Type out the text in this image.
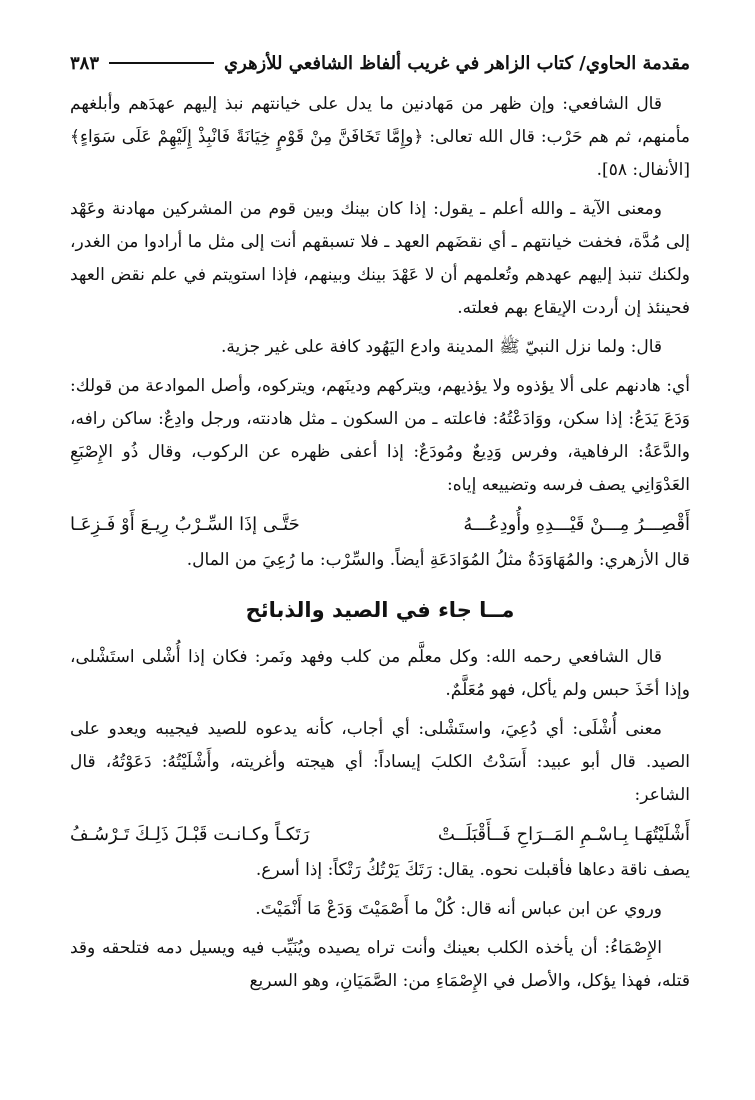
مقدمة الحاوي/ كتاب الزاهر في غريب ألفاظ الشافعي للأزهري
٣٨٣

قال الشافعي: وإن ظهر من مَهادنين ما يدل على خيانتهم نبذ إليهم عهدَهم وأبلغهم مأمنهم، ثم هم حَرْب: قال الله تعالى: ﴿وإِمَّا تَخَافَنَّ مِنْ قَوْمٍ خِيَانَةً فَانْبِذْ إِلَيْهِمْ عَلَى سَوَاءٍ﴾ [الأنفال: ٥٨].

ومعنى الآية ـ والله أعلم ـ يقول: إذا كان بينك وبين قوم من المشركين مهادنة وعَهْد إلى مُدَّة، فخفت خيانتهم ـ أي نقضَهم العهد ـ فلا تسبقهم أنت إلى مثل ما أرادوا من الغدر، ولكنك تنبذ إليهم عهدهم وتُعلمهم أن لا عَهْدَ بينك وبينهم، فإذا استويتم في علم نقض العهد فحينئذ إن أردت الإيقاع بهم فعلته.

قال: ولما نزل النبيّ ﷺ المدينة وادع اليَهُود كافة على غير جزية.

أي: هادنهم على ألا يؤذوه ولا يؤذيهم، ويتركهم ودينَهم، ويتركوه، وأصل الموادعة من قولك: وَدَعَ يَدَعُ: إذا سكن، ووَادَعْتُهُ: فاعلته ـ من السكون ـ مثل هادنته، ورجل وادِعٌ: ساكن رافه، والدَّعَةُ: الرفاهية، وفرس وَدِيعٌ ومُودَعٌ: إذا أعفى ظهره عن الركوب، وقال ذُو الإِصْبَعِ العَدْوَانِي يصف فرسه وتضييعه إياه:

أَقْصِـــرُ مِـــنْ قَيْـــدِهِ وأُودِعُـــهُ
حَتَّـى إذَا السِّـرْبُ رِيـعَ أَوْ فَـزِعَـا

قال الأزهري: والمُهَاوَدَةُ مثلُ المُوَادَعَةِ أيضاً. والسِّرْب: ما رُعِيَ من المال.

مــا جاء في الصيد والذبائح

قال الشافعي رحمه الله: وكل معلَّم من كلب وفهد ونَمر: فكان إذا أُشْلى استَشْلى، وإذا أخَذَ حبس ولم يأكل، فهو مُعَلَّمٌ.

معنى أُشْلَى: أي دُعِيَ، واستَشْلى: أي أجاب، كأنه يدعوه للصيد فيجيبه ويعدو على الصيد. قال أبو عبيد: أَسَدْتُ الكلبَ إيساداً: أي هيجته وأغريته، وأَشْلَيْتُهُ: دَعَوْتُهُ، قال الشاعر:

أَشْلَيْتُهَـا بِـاسْـمِ المَــرَاحِ فَــأَقْبَلَــتْ
رَتَكـاً وكـانـت قَبْـلَ ذَلِـكَ تَـرْسُـفُ

يصف ناقة دعاها فأقبلت نحوه. يقال: رَتَكَ يَرْتُكُ رَتْكاً: إذا أسرع.

وروي عن ابن عباس أنه قال: كُلْ ما أَصْمَيْتَ وَدَعْ مَا أَنْمَيْتَ.

الإِصْمَاءُ: أن يأخذه الكلب بعينك وأنت تراه يصيده ويُنَيِّب فيه ويسيل دمه فتلحقه وقد قتله، فهذا يؤكل، والأصل في الإِصْمَاءِ من: الصَّمَيَانِ، وهو السريع
